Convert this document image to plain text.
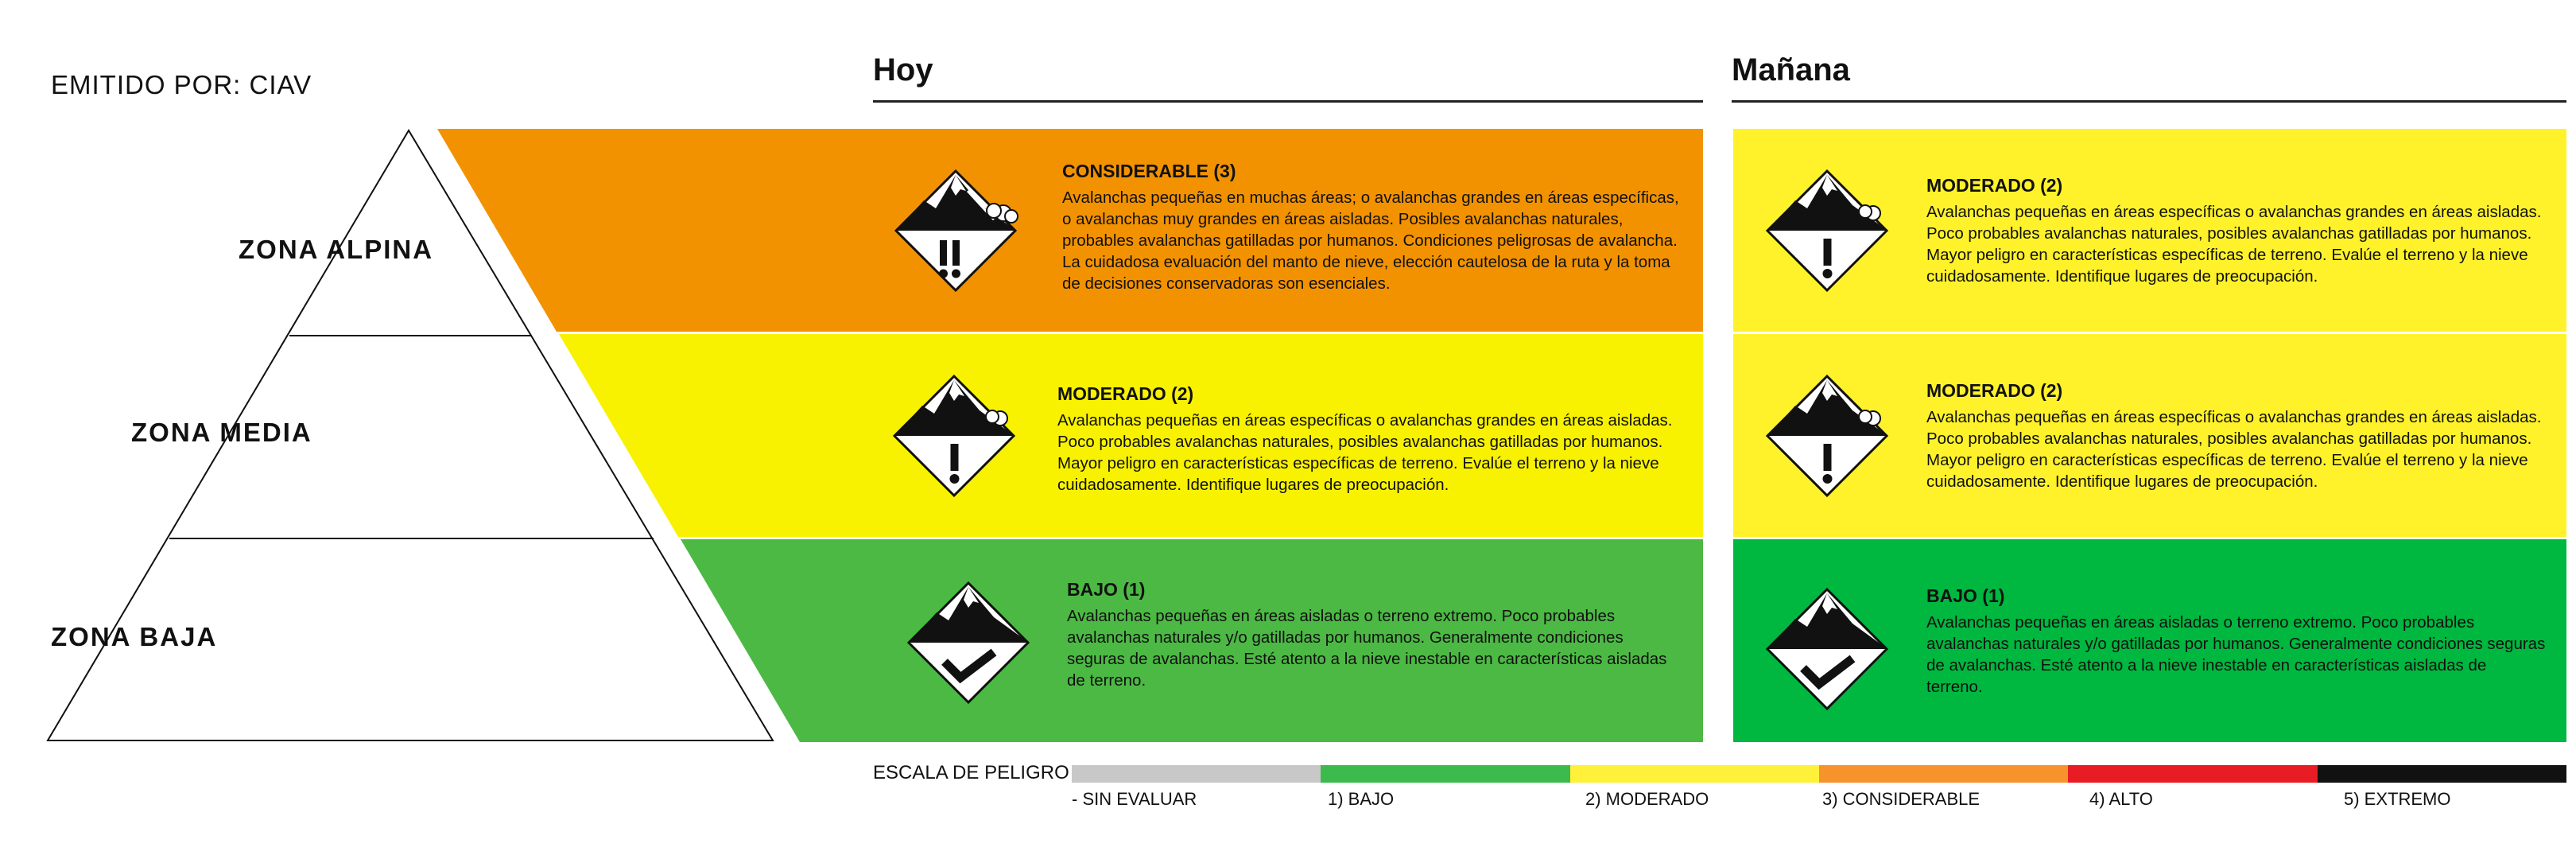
EMITIDO POR: CIAV
ZONA ALPINA
ZONA MEDIA
ZONA BAJA
Hoy	Mañana

CONSIDERABLE (3)

Avalanchas pequeñas en muchas áreas; o avalanchas grandes en áreas específicas, o avalanchas muy grandes en áreas aisladas. Posibles avalanchas naturales, probables avalanchas gatilladas por humanos. Condiciones peligrosas de avalancha. La cuidadosa evaluación del manto de nieve, elección cautelosa de la ruta y la toma de decisiones conservadoras son esenciales.

MODERADO (2)

Avalanchas pequeñas en áreas específicas o avalanchas grandes en áreas aisladas. Poco probables avalanchas naturales, posibles avalanchas gatilladas por humanos. Mayor peligro en características específicas de terreno. Evalúe el terreno y la nieve cuidadosamente. Identifique lugares de preocupación.

BAJO (1)

Avalanchas pequeñas en áreas aisladas o terreno extremo. Poco probables avalanchas naturales y/o gatilladas por humanos. Generalmente condiciones seguras de avalanchas. Esté atento a la nieve inestable en características aisladas de terreno.

MODERADO (2)

Avalanchas pequeñas en áreas específicas o avalanchas grandes en áreas aisladas. Poco probables avalanchas naturales, posibles avalanchas gatilladas por humanos. Mayor peligro en características específicas de terreno. Evalúe el terreno y la nieve cuidadosamente. Identifique lugares de preocupación.

MODERADO (2)

Avalanchas pequeñas en áreas específicas o avalanchas grandes en áreas aisladas. Poco probables avalanchas naturales, posibles avalanchas gatilladas por humanos. Mayor peligro en características específicas de terreno. Evalúe el terreno y la nieve cuidadosamente. Identifique lugares de preocupación.

BAJO (1)

Avalanchas pequeñas en áreas aisladas o terreno extremo. Poco probables avalanchas naturales y/o gatilladas por humanos. Generalmente condiciones seguras de avalanchas. Esté atento a la nieve inestable en características aisladas de terreno.

ESCALA DE PELIGRO
- SIN EVALUAR	1) BAJO	2) MODERADO	3) CONSIDERABLE	4) ALTO	5) EXTREMO
